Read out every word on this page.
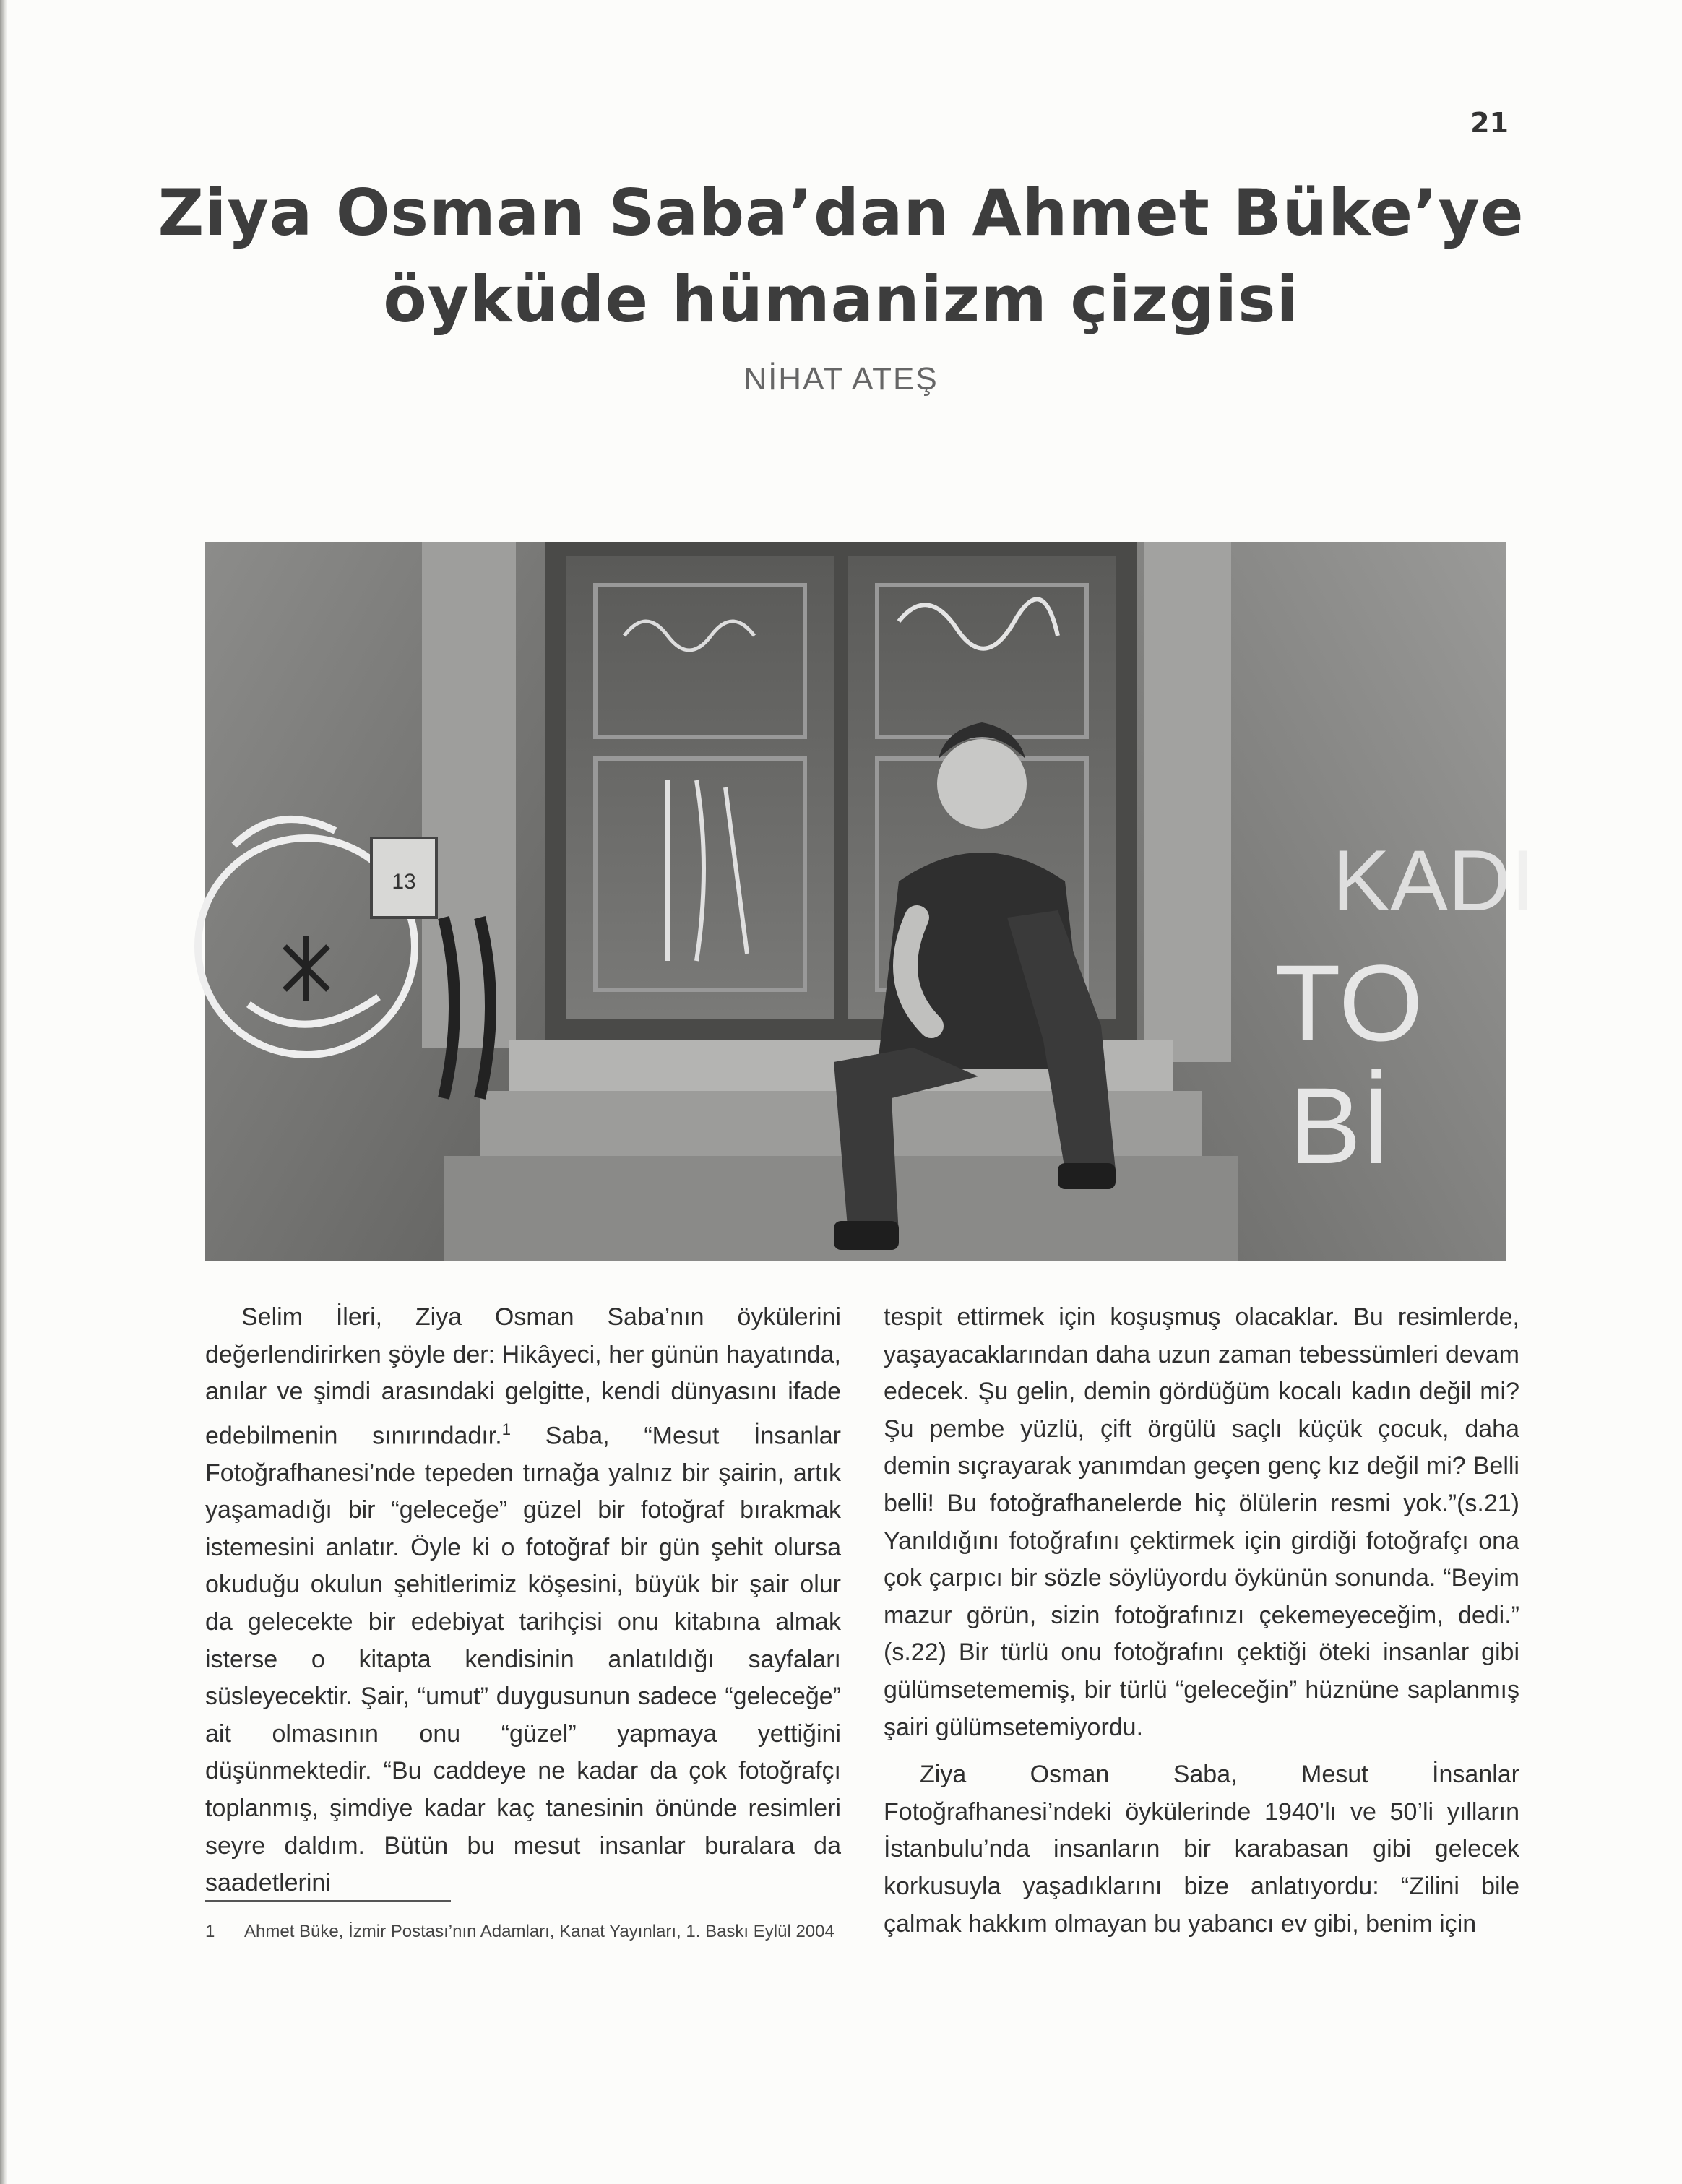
21
Ziya Osman Saba’dan Ahmet Büke’ye
öyküde hümanizm çizgisi
NİHAT ATEŞ
13	KADI
TO
Bİ

Selim İleri, Ziya Osman Saba’nın öykülerini değerlendirirken şöyle der: Hikâyeci, her günün hayatında, anılar ve şimdi arasındaki gelgitte, kendi dünyasını ifade edebilmenin sınırındadır.$^1$ Saba, “Mesut İnsanlar Fotoğrafhanesi’nde tepeden tırnağa yalnız bir şairin, artık yaşamadığı bir “geleceğe” güzel bir fotoğraf bırakmak istemesini anlatır. Öyle ki o fotoğraf bir gün şehit olursa okuduğu okulun şehitlerimiz köşesini, büyük bir şair olur da gelecekte bir edebiyat tarihçisi onu kitabına almak isterse o kitapta kendisinin anlatıldığı sayfaları süsleyecektir. Şair, “umut” duygusunun sadece “geleceğe” ait olmasının onu “güzel” yapmaya yettiğini düşünmektedir. “Bu caddeye ne kadar da çok fotoğrafçı toplanmış, şimdiye kadar kaç tanesinin önünde resimleri seyre daldım. Bütün bu mesut insanlar buralara da saadetlerini

tespit ettirmek için koşuşmuş olacaklar. Bu resimlerde, yaşayacaklarından daha uzun zaman tebessümleri devam edecek. Şu gelin, demin gördüğüm kocalı kadın değil mi? Şu pembe yüzlü, çift örgülü saçlı küçük çocuk, daha demin sıçrayarak yanımdan geçen genç kız değil mi? Belli belli! Bu fotoğrafhanelerde hiç ölülerin resmi yok.”(s.21) Yanıldığını fotoğrafını çektirmek için girdiği fotoğrafçı ona çok çarpıcı bir sözle söylüyordu öykünün sonunda. “Beyim mazur görün, sizin fotoğrafınızı çekemeyeceğim, dedi.” (s.22) Bir türlü onu fotoğrafını çektiği öteki insanlar gibi gülümsetememiş, bir türlü “geleceğin” hüznüne saplanmış şairi gülümsetemiyordu.

Ziya Osman Saba, Mesut İnsanlar Fotoğrafhanesi’ndeki öykülerinde 1940’lı ve 50’li yılların İstanbulu’nda insanların bir karabasan gibi gelecek korkusuyla yaşadıklarını bize anlatıyordu: “Zilini bile çalmak hakkım olmayan bu yabancı ev gibi, benim için

1 Ahmet Büke, İzmir Postası’nın Adamları, Kanat Yayınları, 1. Baskı Eylül 2004
